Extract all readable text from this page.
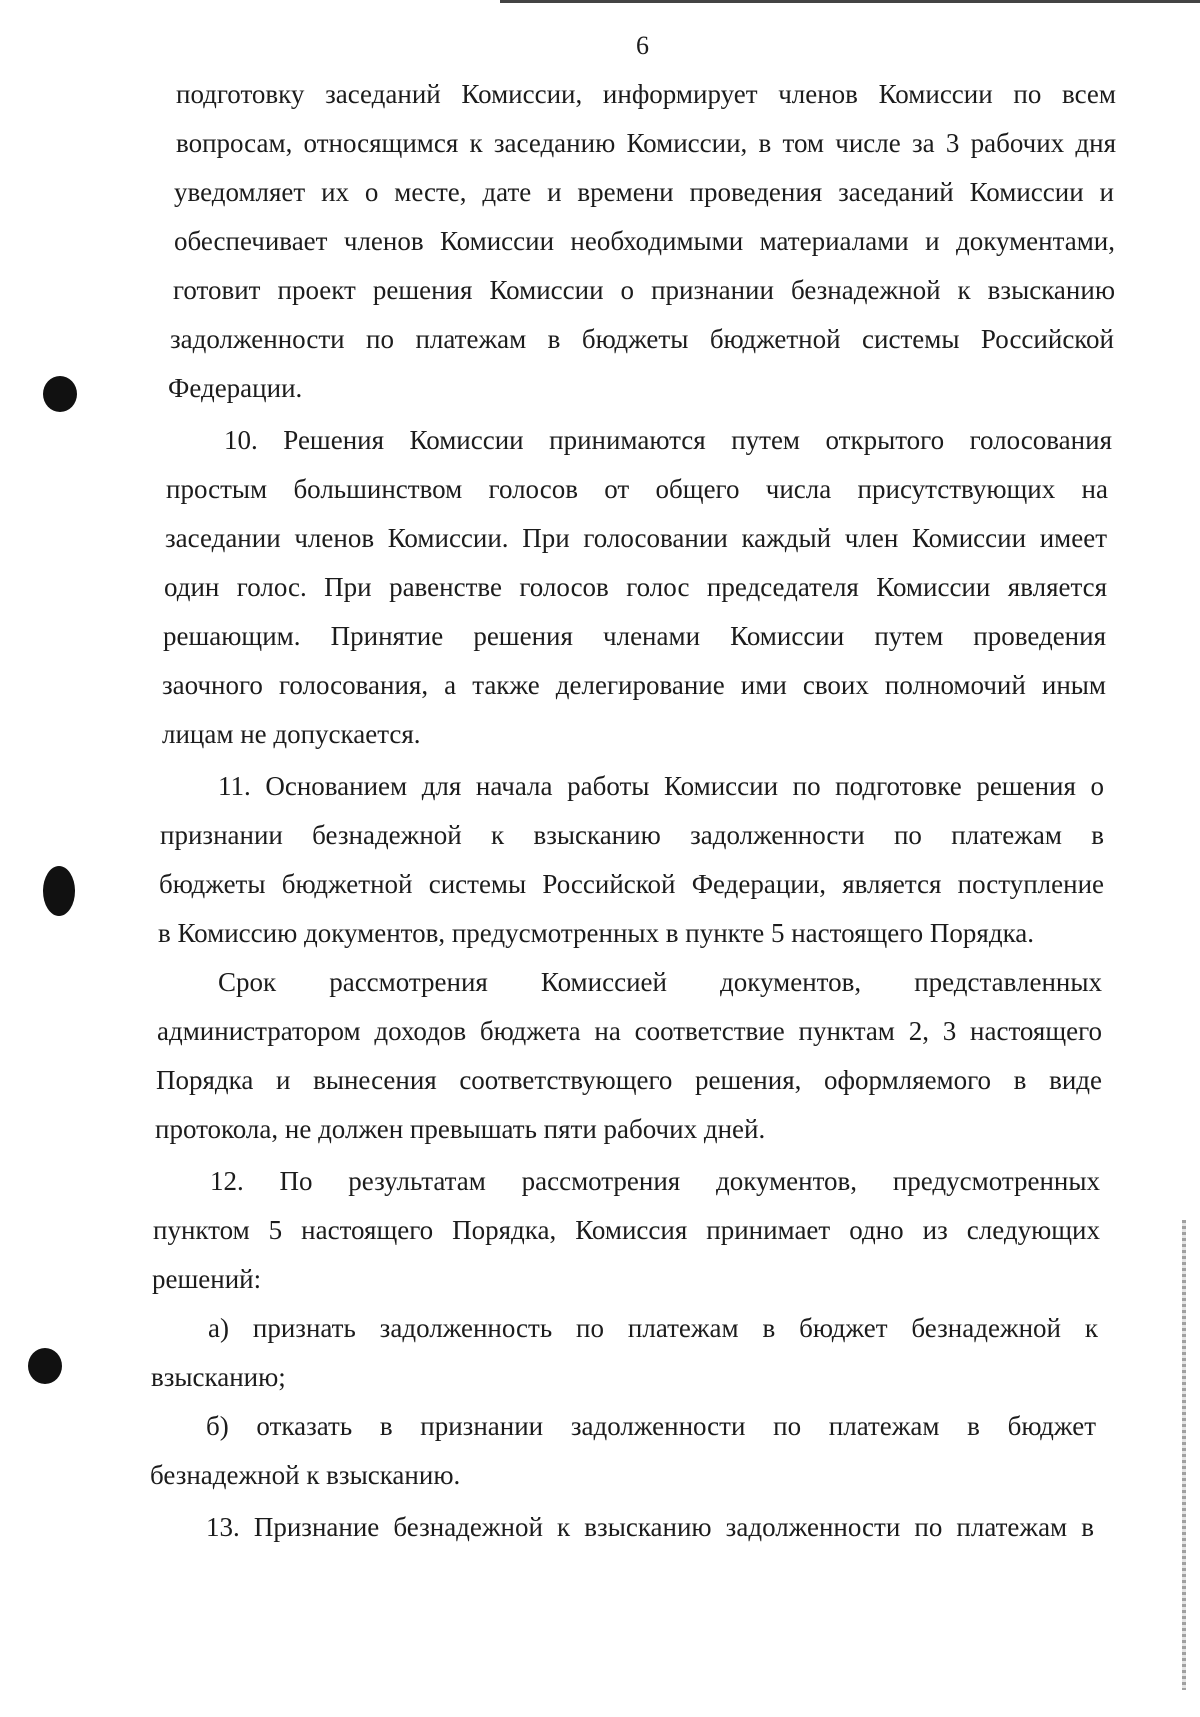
6
подготовку заседаний Комиссии, информирует членов Комиссии по всем
вопросам, относящимся к заседанию Комиссии, в том числе за 3 рабочих дня
уведомляет их о месте, дате и времени проведения заседаний Комиссии и
обеспечивает членов Комиссии необходимыми материалами и документами,
готовит проект решения Комиссии о признании безнадежной к взысканию
задолженности по платежам в бюджеты бюджетной системы Российской
Федерации.
10. Решения Комиссии принимаются путем открытого голосования
простым большинством голосов от общего числа присутствующих на
заседании членов Комиссии. При голосовании каждый член Комиссии имеет
один голос. При равенстве голосов голос председателя Комиссии является
решающим. Принятие решения членами Комиссии путем проведения
заочного голосования, а также делегирование ими своих полномочий иным
лицам не допускается.
11. Основанием для начала работы Комиссии по подготовке решения о
признании безнадежной к взысканию задолженности по платежам в
бюджеты бюджетной системы Российской Федерации, является поступление
в Комиссию документов, предусмотренных в пункте 5 настоящего Порядка.
Срок рассмотрения Комиссией документов, представленных
администратором доходов бюджета на соответствие пунктам 2, 3 настоящего
Порядка и вынесения соответствующего решения, оформляемого в виде
протокола, не должен превышать пяти рабочих дней.
12. По результатам рассмотрения документов, предусмотренных
пунктом 5 настоящего Порядка, Комиссия принимает одно из следующих
решений:
а) признать задолженность по платежам в бюджет безнадежной к
взысканию;
б) отказать в признании задолженности по платежам в бюджет
безнадежной к взысканию.
13. Признание безнадежной к взысканию задолженности по платежам в
